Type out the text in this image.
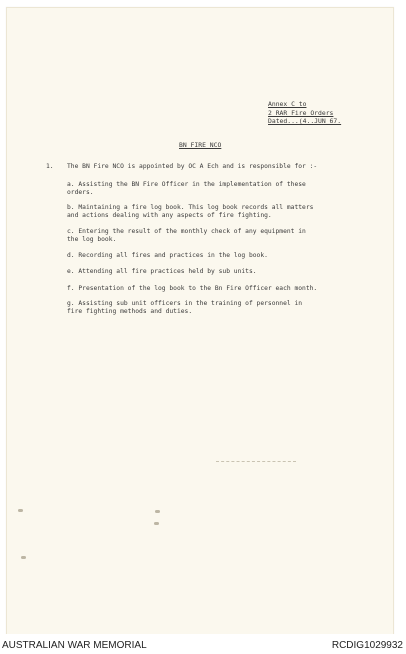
Annex C to
2 RAR Fire Orders
Dated...(4..JUN 67.
BN FIRE NCO
1. The BN Fire NCO is appointed by OC A Ech and is responsible for :-
a. Assisting the BN Fire Officer in the implementation of these
orders.
b. Maintaining a fire log book. This log book records all matters
and actions dealing with any aspects of fire fighting.
c. Entering the result of the monthly check of any equipment in
the log book.
d. Recording all fires and practices in the log book.
e. Attending all fire practices held by sub units.
f. Presentation of the log book to the Bn Fire Officer each month.
g. Assisting sub unit officers in the training of personnel in
fire fighting methods and duties.
AUSTRALIAN WAR MEMORIAL	RCDIG1029932
